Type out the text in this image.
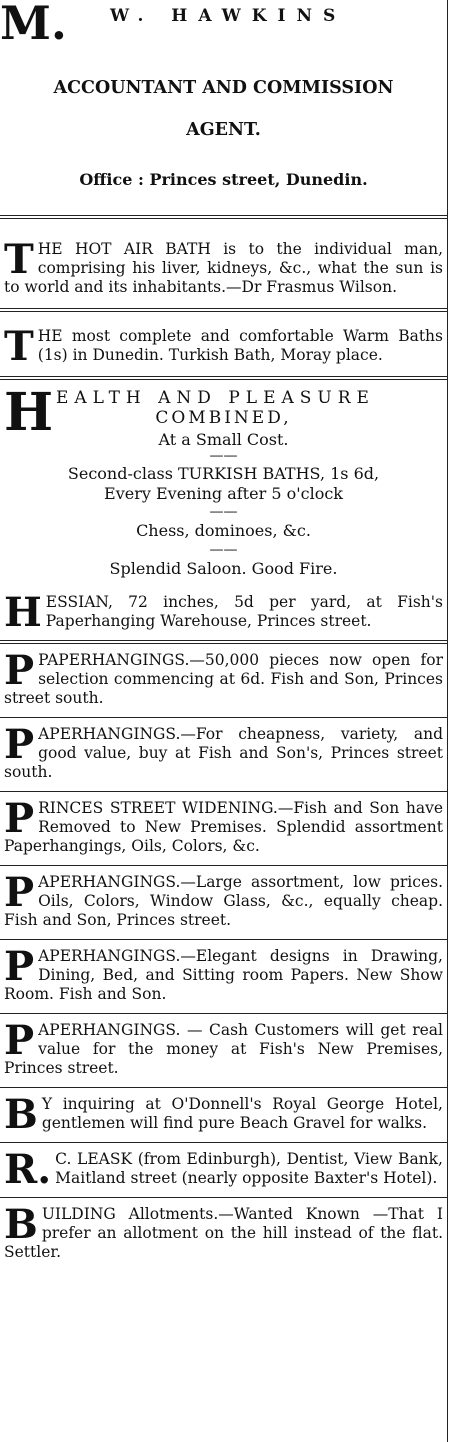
M.	W. HAWKINS
ACCOUNTANT AND COMMISSION
AGENT.
Office : Princes street, Dunedin.
T HE HOT AIR BATH is to the individual man, comprising his liver, kidneys, &c., what the sun is to world and its inhabitants.—Dr Frasmus Wilson.
T HE most complete and comfortable Warm Baths (1s) in Dunedin. Turkish Bath, Moray place.
H EALTH AND PLEASURE
COMBINED,
At a Small Cost.
——
Second-class TURKISH BATHS, 1s 6d,
Every Evening after 5 o'clock
——
Chess, dominoes, &c.
——
Splendid Saloon. Good Fire.
H ESSIAN, 72 inches, 5d per yard, at Fish's Paperhanging Warehouse, Princes street.
P PAPERHANGINGS.—50,000 pieces now open for selection commencing at 6d. Fish and Son, Princes street south.
P APERHANGINGS.—For cheapness, variety, and good value, buy at Fish and Son's, Princes street south.
P RINCES STREET WIDENING.—Fish and Son have Removed to New Premises. Splendid assortment Paperhangings, Oils, Colors, &c.
P APERHANGINGS.—Large assortment, low prices. Oils, Colors, Window Glass, &c., equally cheap. Fish and Son, Princes street.
P APERHANGINGS.—Elegant designs in Drawing, Dining, Bed, and Sitting room Papers. New Show Room. Fish and Son.
P APERHANGINGS. — Cash Customers will get real value for the money at Fish's New Premises, Princes street.
B Y inquiring at O'Donnell's Royal George Hotel, gentlemen will find pure Beach Gravel for walks.
R. C. LEASK (from Edinburgh), Dentist, View Bank, Maitland street (nearly opposite Baxter's Hotel).
B UILDING Allotments.—Wanted Known —That I prefer an allotment on the hill instead of the flat. Settler.
